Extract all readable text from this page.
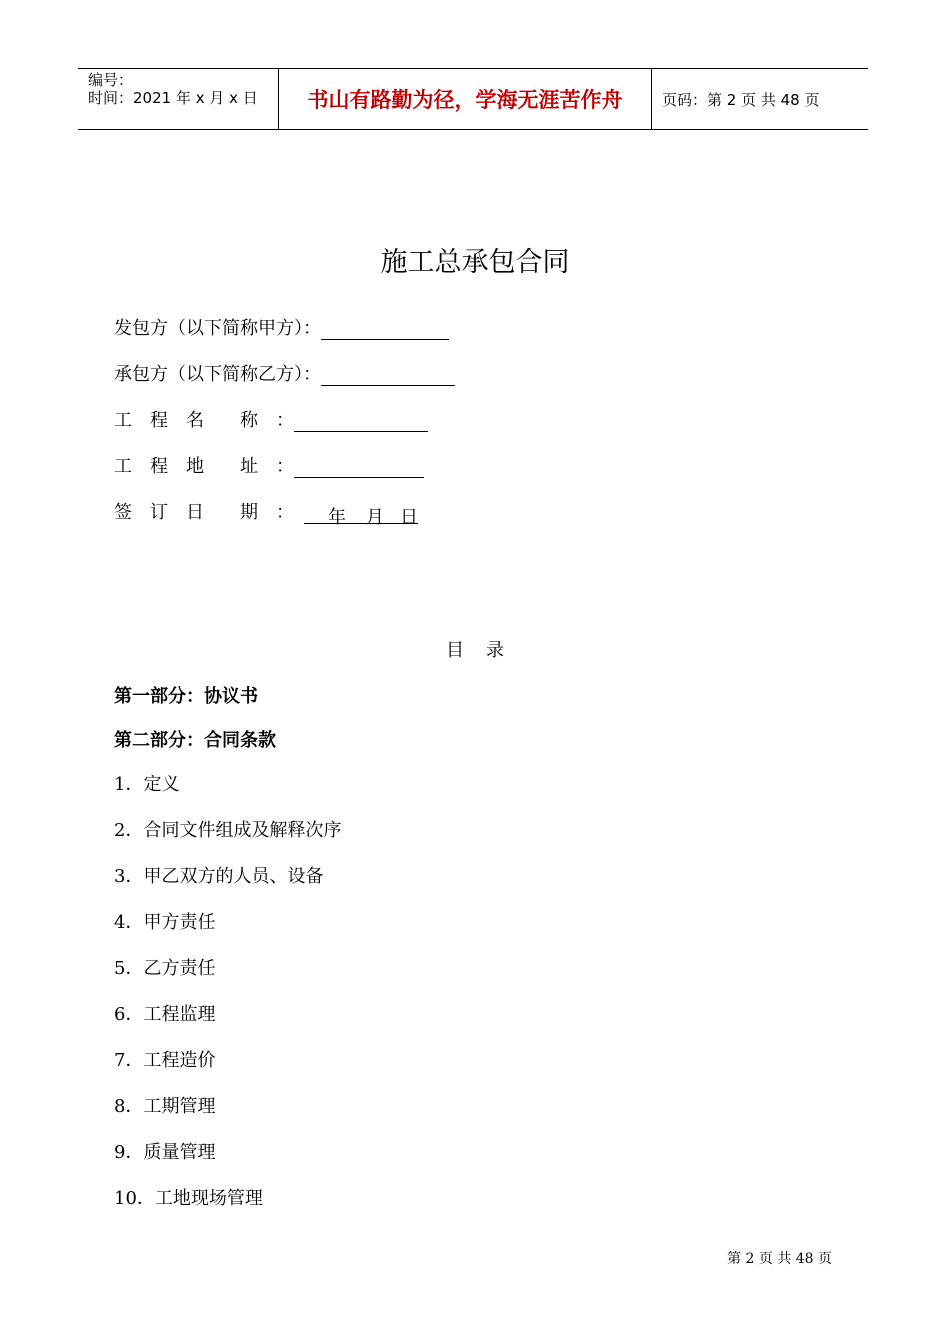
编号：
时间：2021 年 x 月 x 日	书山有路勤为径，学海无涯苦作舟	页码：第 2 页 共 48 页
施工总承包合同
发包方（以下简称甲方）：
承包方（以下简称乙方）：
工　程　名　　称　：
工　程　地　　址　：
签　订　日　　期　：	年	月 日
目录
第一部分：协议书
第二部分：合同条款
1．定义
2．合同文件组成及解释次序
3．甲乙双方的人员、设备
4．甲方责任
5．乙方责任
6．工程监理
7．工程造价
8．工期管理
9．质量管理
10．工地现场管理
第 2 页 共 48 页
